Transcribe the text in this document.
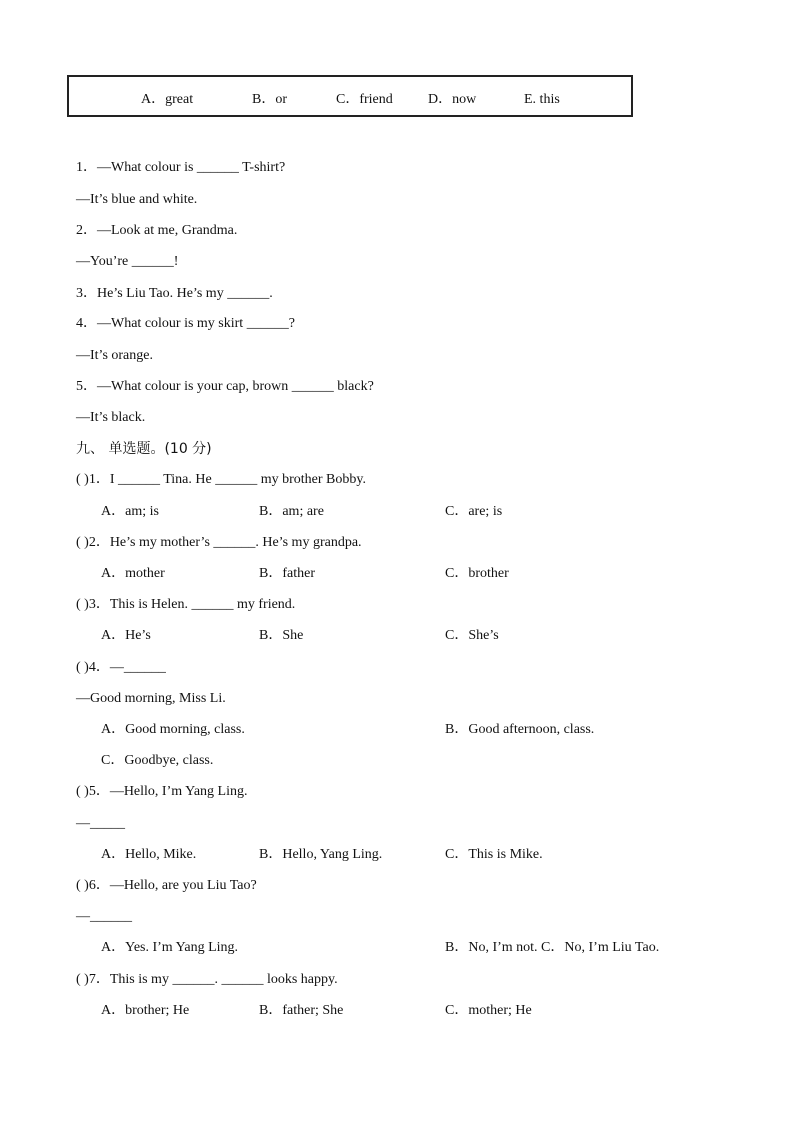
A．great	B．or	C．friend	D．now	E. this
1．—What colour is ______ T-shirt?
—It’s blue and white.
2．—Look at me, Grandma.
—You’re ______!
3．He’s Liu Tao. He’s my ______.
4．—What colour is my skirt ______?
—It’s orange.
5．—What colour is your cap, brown ______ black?
—It’s black.
九、 单选题。(10 分)
( )1．I ______ Tina. He ______ my brother Bobby.
A．am; is	B．am; are	C．are; is
( )2．He’s my mother’s ______. He’s my grandpa.
A．mother	B．father	C．brother
( )3．This is Helen. ______ my friend.
A．He’s	B．She	C．She’s
( )4．—______
—Good morning, Miss Li.
A．Good morning, class.	B．Good afternoon, class.
C．Goodbye, class.
( )5．—Hello, I’m Yang Ling.
—_____
A．Hello, Mike.	B．Hello, Yang Ling.	C．This is Mike.
( )6．—Hello, are you Liu Tao?
—______
A．Yes. I’m Yang Ling.	B．No, I’m not. C．No, I’m Liu Tao.
( )7．This is my ______. ______ looks happy.
A．brother; He	B．father; She	C．mother; He
